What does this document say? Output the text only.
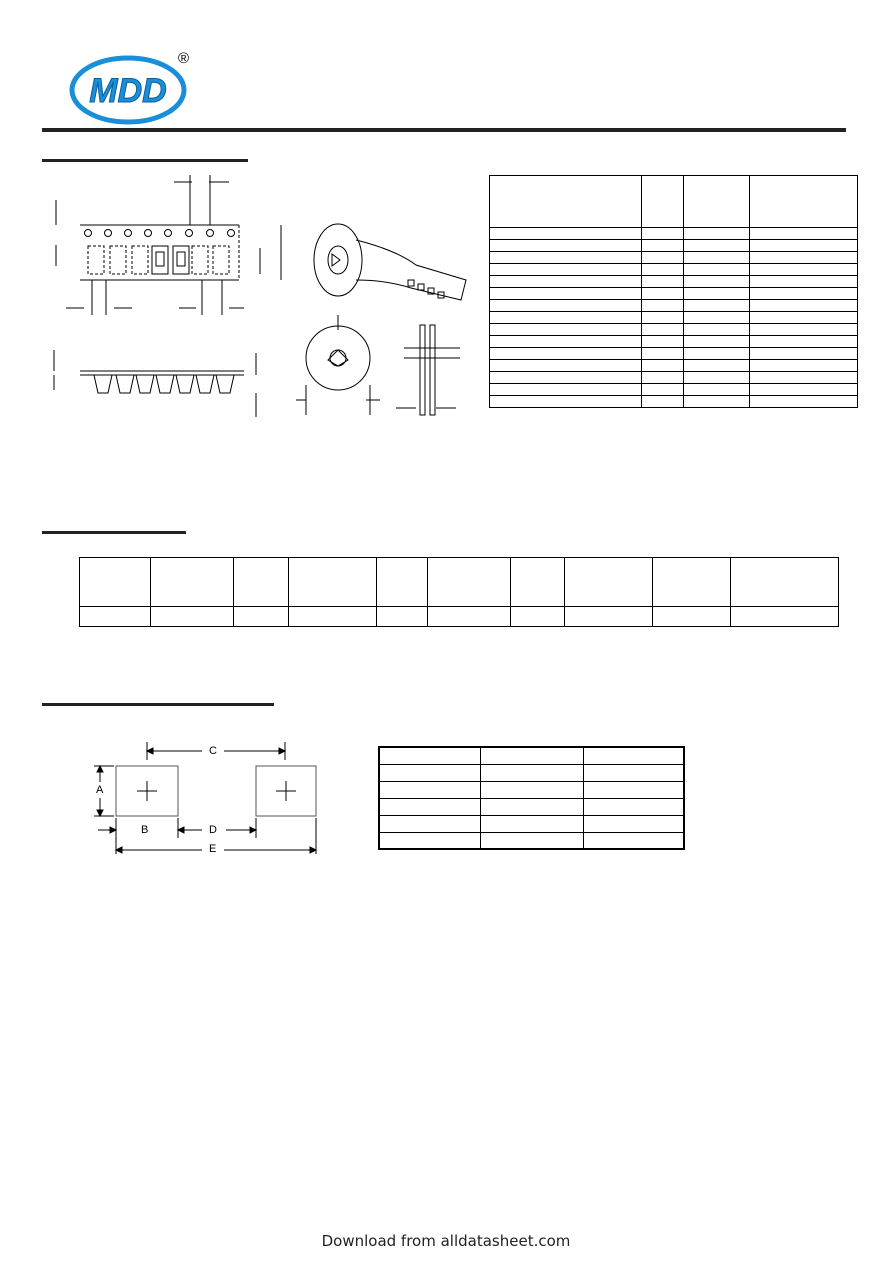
MDD
®

C
A
B	D
E

Download from alldatasheet.com
